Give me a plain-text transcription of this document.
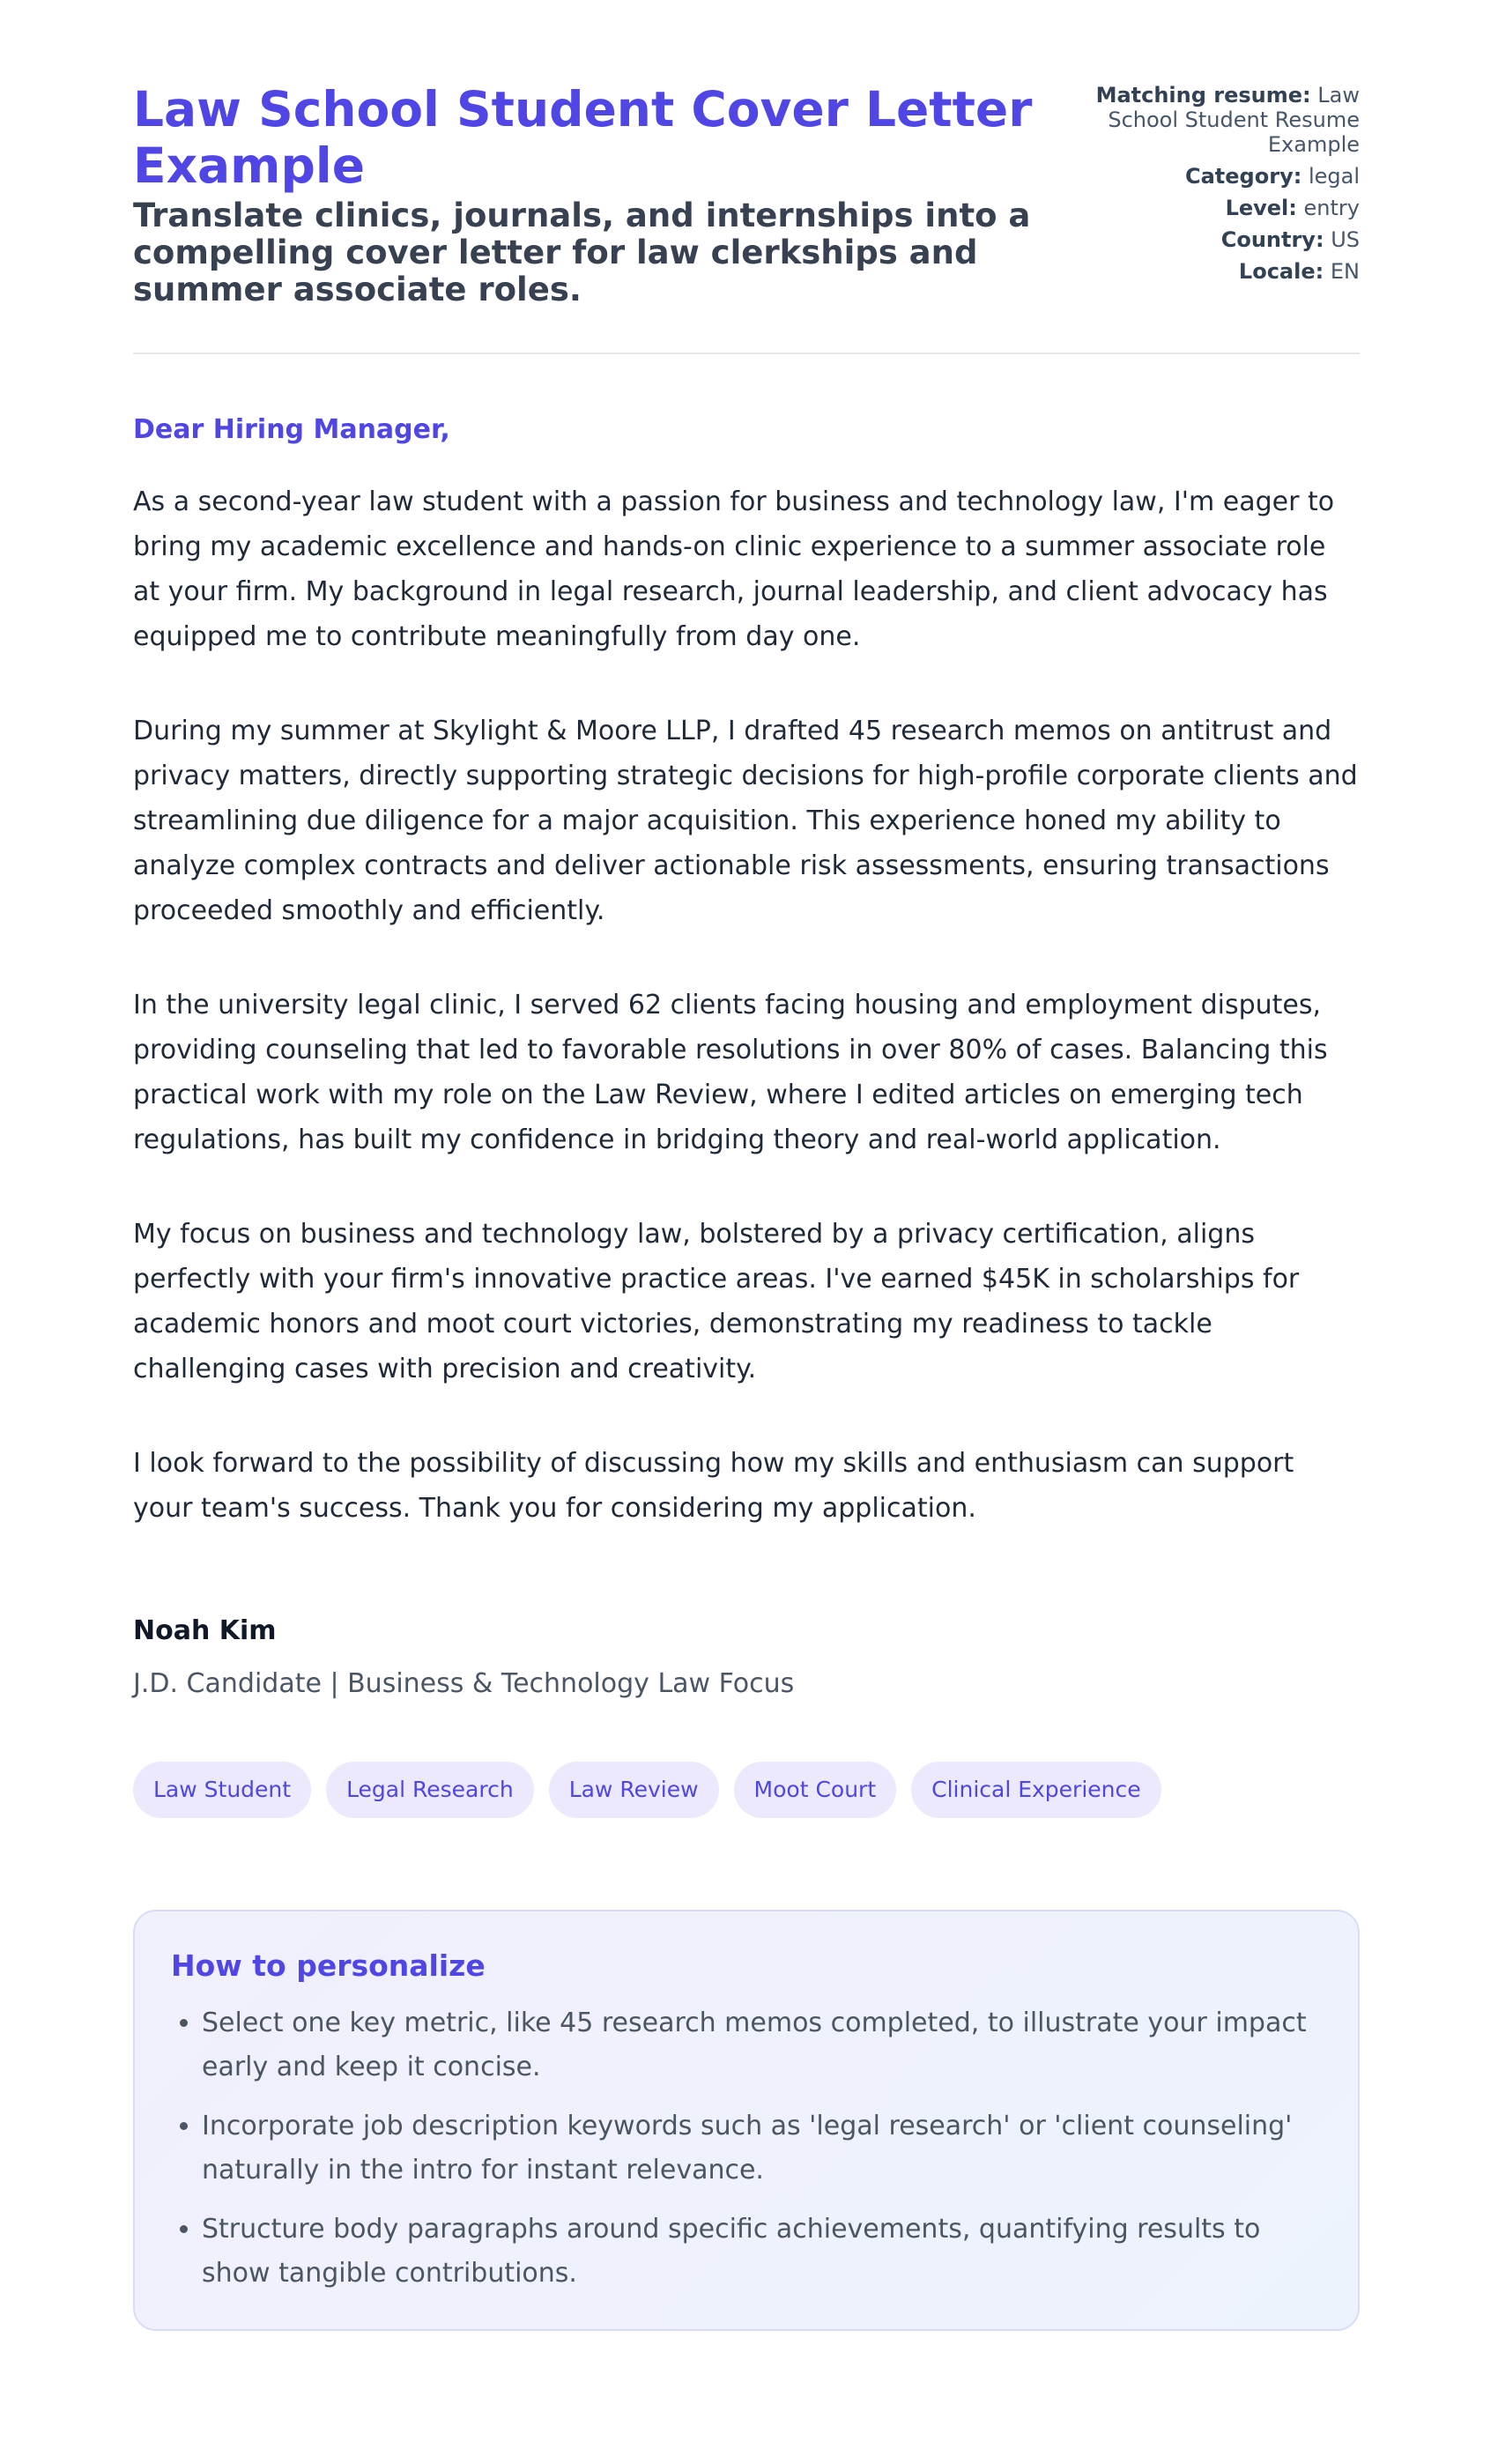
Law School Student Cover Letter Example

Translate clinics, journals, and internships into a compelling cover letter for law clerkships and summer associate roles.

Matching resume: Law School Student Resume Example
Category: legal
Level: entry
Country: US
Locale: EN

Dear Hiring Manager,

As a second-year law student with a passion for business and technology law, I'm eager to bring my academic excellence and hands-on clinic experience to a summer associate role at your firm. My background in legal research, journal leadership, and client advocacy has equipped me to contribute meaningfully from day one.

During my summer at Skylight & Moore LLP, I drafted 45 research memos on antitrust and privacy matters, directly supporting strategic decisions for high-profile corporate clients and streamlining due diligence for a major acquisition. This experience honed my ability to analyze complex contracts and deliver actionable risk assessments, ensuring transactions proceeded smoothly and efficiently.

In the university legal clinic, I served 62 clients facing housing and employment disputes, providing counseling that led to favorable resolutions in over 80% of cases. Balancing this practical work with my role on the Law Review, where I edited articles on emerging tech regulations, has built my confidence in bridging theory and real-world application.

My focus on business and technology law, bolstered by a privacy certification, aligns perfectly with your firm's innovative practice areas. I've earned $45K in scholarships for academic honors and moot court victories, demonstrating my readiness to tackle challenging cases with precision and creativity.

I look forward to the possibility of discussing how my skills and enthusiasm can support your team's success. Thank you for considering my application.

Noah Kim
J.D. Candidate | Business & Technology Law Focus
Law Student	Legal Research	Law Review	Moot Court	Clinical Experience
How to personalize
• Select one key metric, like 45 research memos completed, to illustrate your impact early and keep it concise.
• Incorporate job description keywords such as 'legal research' or 'client counseling' naturally in the intro for instant relevance.
• Structure body paragraphs around specific achievements, quantifying results to show tangible contributions.
